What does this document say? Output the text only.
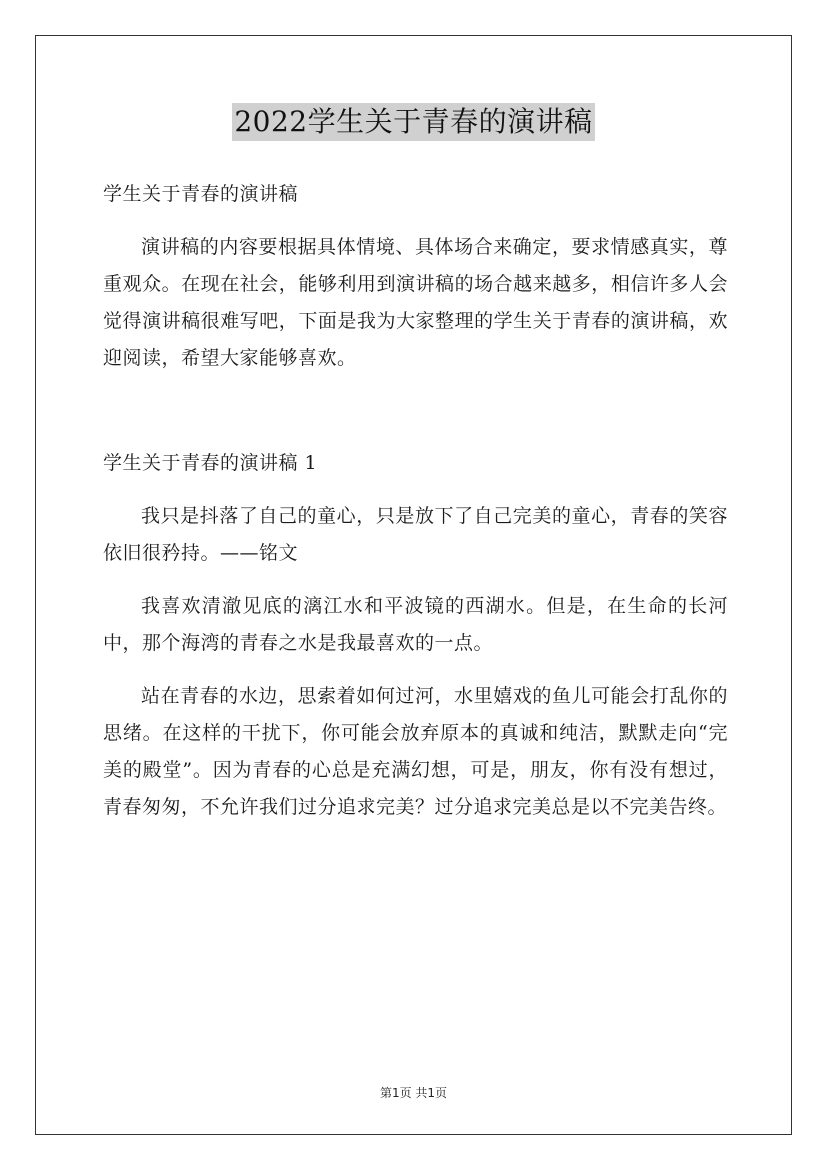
2022学生关于青春的演讲稿

学生关于青春的演讲稿

演讲稿的内容要根据具体情境、具体场合来确定，要求情感真实，尊重观众。在现在社会，能够利用到演讲稿的场合越来越多，相信许多人会觉得演讲稿很难写吧，下面是我为大家整理的学生关于青春的演讲稿，欢迎阅读，希望大家能够喜欢。

学生关于青春的演讲稿 1

我只是抖落了自己的童心，只是放下了自己完美的童心，青春的笑容依旧很矜持。——铭文

我喜欢清澈见底的漓江水和平波镜的西湖水。但是，在生命的长河中，那个海湾的青春之水是我最喜欢的一点。

站在青春的水边，思索着如何过河，水里嬉戏的鱼儿可能会打乱你的思绪。在这样的干扰下，你可能会放弃原本的真诚和纯洁，默默走向“完美的殿堂”。因为青春的心总是充满幻想，可是，朋友，你有没有想过，青春匆匆，不允许我们过分追求完美？过分追求完美总是以不完美告终。

第1页 共1页
